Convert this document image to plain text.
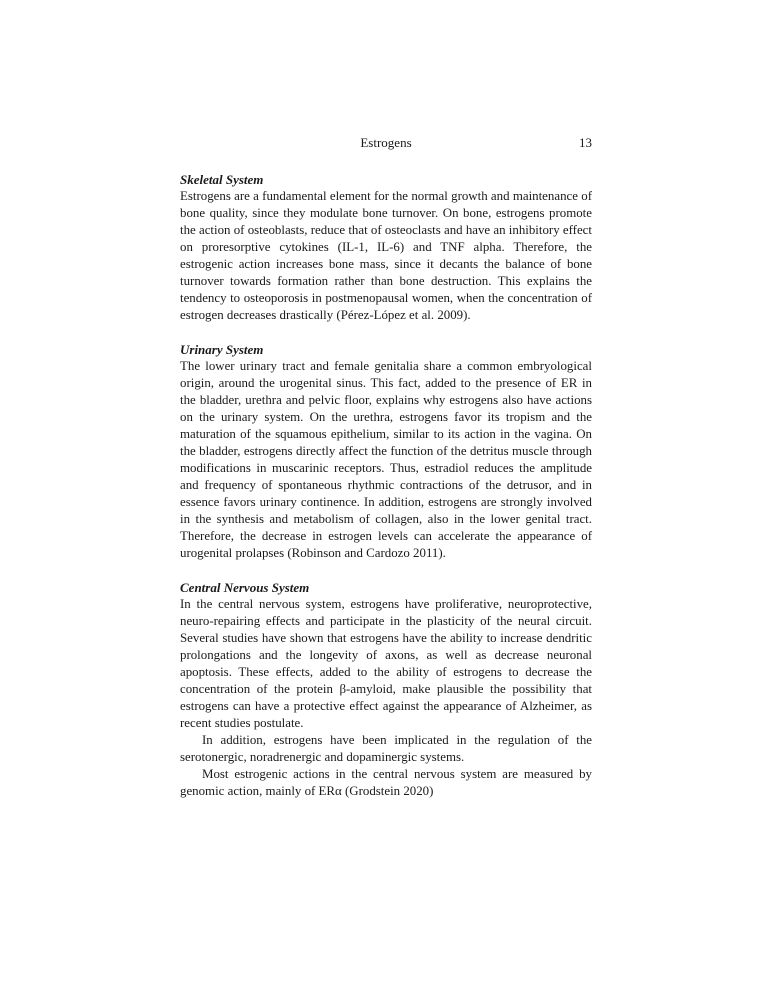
Estrogens	13
Skeletal System

Estrogens are a fundamental element for the normal growth and maintenance of bone quality, since they modulate bone turnover. On bone, estrogens promote the action of osteoblasts, reduce that of osteoclasts and have an inhibitory effect on proresorptive cytokines (IL-1, IL-6) and TNF alpha. Therefore, the estrogenic action increases bone mass, since it decants the balance of bone turnover towards formation rather than bone destruction. This explains the tendency to osteoporosis in postmenopausal women, when the concentration of estrogen decreases drastically (Pérez-López et al. 2009).

Urinary System

The lower urinary tract and female genitalia share a common embryological origin, around the urogenital sinus. This fact, added to the presence of ER in the bladder, urethra and pelvic floor, explains why estrogens also have actions on the urinary system. On the urethra, estrogens favor its tropism and the maturation of the squamous epithelium, similar to its action in the vagina. On the bladder, estrogens directly affect the function of the detritus muscle through modifications in muscarinic receptors. Thus, estradiol reduces the amplitude and frequency of spontaneous rhythmic contractions of the detrusor, and in essence favors urinary continence. In addition, estrogens are strongly involved in the synthesis and metabolism of collagen, also in the lower genital tract. Therefore, the decrease in estrogen levels can accelerate the appearance of urogenital prolapses (Robinson and Cardozo 2011).

Central Nervous System

In the central nervous system, estrogens have proliferative, neuroprotective, neuro-repairing effects and participate in the plasticity of the neural circuit. Several studies have shown that estrogens have the ability to increase dendritic prolongations and the longevity of axons, as well as decrease neuronal apoptosis. These effects, added to the ability of estrogens to decrease the concentration of the protein β-amyloid, make plausible the possibility that estrogens can have a protective effect against the appearance of Alzheimer, as recent studies postulate.

In addition, estrogens have been implicated in the regulation of the serotonergic, noradrenergic and dopaminergic systems.

Most estrogenic actions in the central nervous system are measured by genomic action, mainly of ERα (Grodstein 2020)
